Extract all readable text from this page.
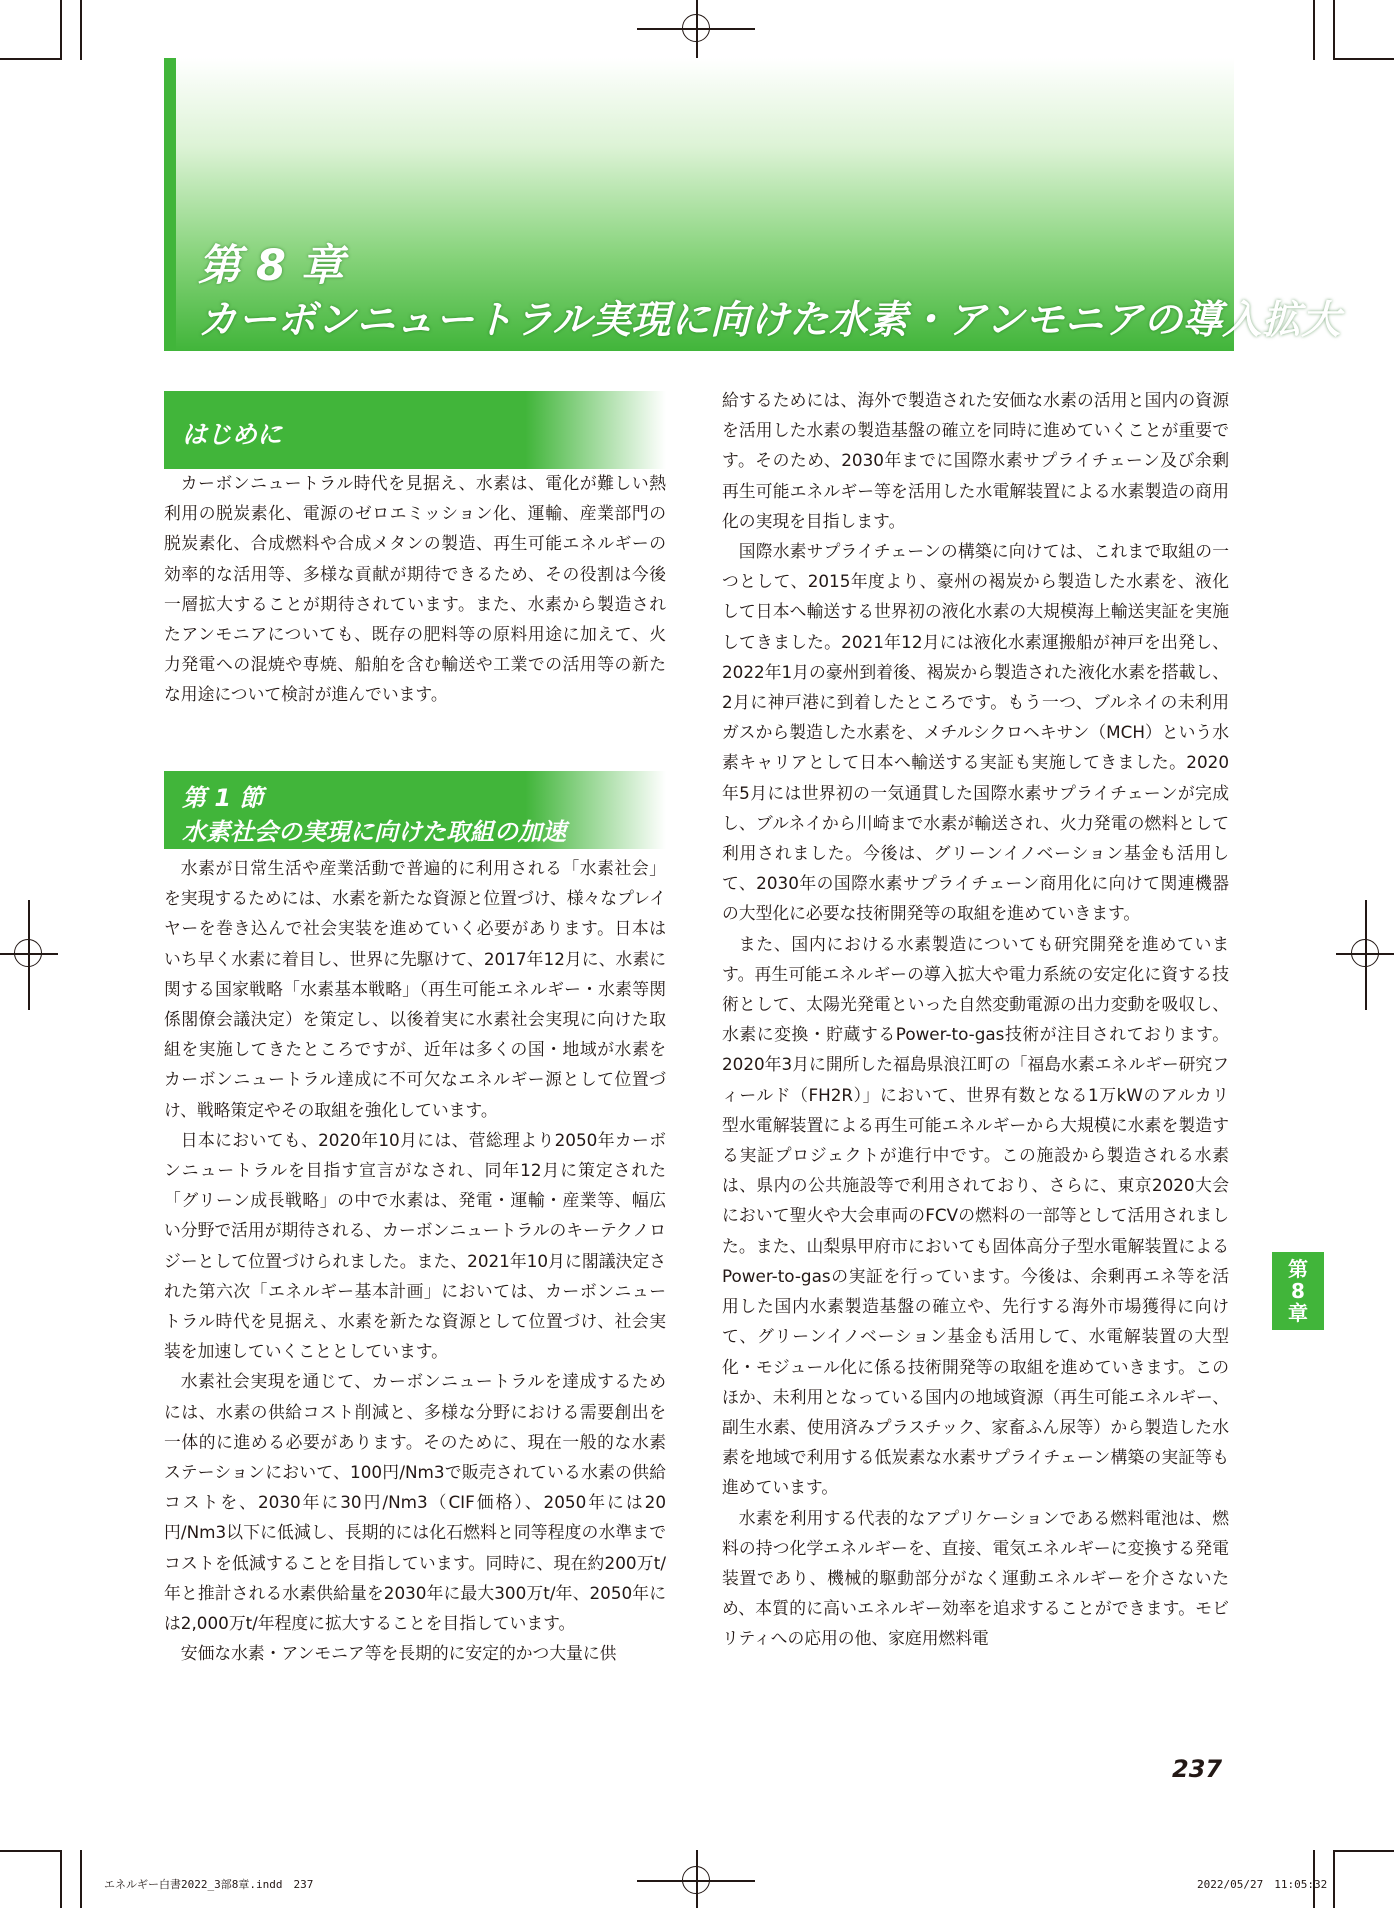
第 8 章
カーボンニュートラル実現に向けた水素・アンモニアの導入拡大
はじめに

カーボンニュートラル時代を見据え、水素は、電化が難しい熱利用の脱炭素化、電源のゼロエミッション化、運輸、産業部門の脱炭素化、合成燃料や合成メタンの製造、再生可能エネルギーの効率的な活用等、多様な貢献が期待できるため、その役割は今後一層拡大することが期待されています。また、水素から製造されたアンモニアについても、既存の肥料等の原料用途に加えて、火力発電への混焼や専焼、船舶を含む輸送や工業での活用等の新たな用途について検討が進んでいます。

第 1 節
水素社会の実現に向けた取組の加速

水素が日常生活や産業活動で普遍的に利用される「水素社会」を実現するためには、水素を新たな資源と位置づけ、様々なプレイヤーを巻き込んで社会実装を進めていく必要があります。日本はいち早く水素に着目し、世界に先駆けて、2017年12月に、水素に関する国家戦略「水素基本戦略」（再生可能エネルギー・水素等関係閣僚会議決定）を策定し、以後着実に水素社会実現に向けた取組を実施してきたところですが、近年は多くの国・地域が水素をカーボンニュートラル達成に不可欠なエネルギー源として位置づけ、戦略策定やその取組を強化しています。

日本においても、2020年10月には、菅総理より2050年カーボンニュートラルを目指す宣言がなされ、同年12月に策定された「グリーン成長戦略」の中で水素は、発電・運輸・産業等、幅広い分野で活用が期待される、カーボンニュートラルのキーテクノロジーとして位置づけられました。また、2021年10月に閣議決定された第六次「エネルギー基本計画」においては、カーボンニュートラル時代を見据え、水素を新たな資源として位置づけ、社会実装を加速していくこととしています。

水素社会実現を通じて、カーボンニュートラルを達成するためには、水素の供給コスト削減と、多様な分野における需要創出を一体的に進める必要があります。そのために、現在一般的な水素ステーションにおいて、100円/Nm3で販売されている水素の供給コストを、2030年に30円/Nm3（CIF価格）、2050年には20円/Nm3以下に低減し、長期的には化石燃料と同等程度の水準までコストを低減することを目指しています。同時に、現在約200万t/年と推計される水素供給量を2030年に最大300万t/年、2050年には2,000万t/年程度に拡大することを目指しています。

安価な水素・アンモニア等を長期的に安定的かつ大量に供

給するためには、海外で製造された安価な水素の活用と国内の資源を活用した水素の製造基盤の確立を同時に進めていくことが重要です。そのため、2030年までに国際水素サプライチェーン及び余剰再生可能エネルギー等を活用した水電解装置による水素製造の商用化の実現を目指します。

国際水素サプライチェーンの構築に向けては、これまで取組の一つとして、2015年度より、豪州の褐炭から製造した水素を、液化して日本へ輸送する世界初の液化水素の大規模海上輸送実証を実施してきました。2021年12月には液化水素運搬船が神戸を出発し、2022年1月の豪州到着後、褐炭から製造された液化水素を搭載し、2月に神戸港に到着したところです。もう一つ、ブルネイの未利用ガスから製造した水素を、メチルシクロヘキサン（MCH）という水素キャリアとして日本へ輸送する実証も実施してきました。2020年5月には世界初の一気通貫した国際水素サプライチェーンが完成し、ブルネイから川崎まで水素が輸送され、火力発電の燃料として利用されました。今後は、グリーンイノベーション基金も活用して、2030年の国際水素サプライチェーン商用化に向けて関連機器の大型化に必要な技術開発等の取組を進めていきます。

また、国内における水素製造についても研究開発を進めています。再生可能エネルギーの導入拡大や電力系統の安定化に資する技術として、太陽光発電といった自然変動電源の出力変動を吸収し、水素に変換・貯蔵するPower-to-gas技術が注目されております。2020年3月に開所した福島県浪江町の「福島水素エネルギー研究フィールド（FH2R）」において、世界有数となる1万kWのアルカリ型水電解装置による再生可能エネルギーから大規模に水素を製造する実証プロジェクトが進行中です。この施設から製造される水素は、県内の公共施設等で利用されており、さらに、東京2020大会において聖火や大会車両のFCVの燃料の一部等として活用されました。また、山梨県甲府市においても固体高分子型水電解装置によるPower-to-gasの実証を行っています。今後は、余剰再エネ等を活用した国内水素製造基盤の確立や、先行する海外市場獲得に向けて、グリーンイノベーション基金も活用して、水電解装置の大型化・モジュール化に係る技術開発等の取組を進めていきます。このほか、未利用となっている国内の地域資源（再生可能エネルギー、副生水素、使用済みプラスチック、家畜ふん尿等）から製造した水素を地域で利用する低炭素な水素サプライチェーン構築の実証等も進めています。

水素を利用する代表的なアプリケーションである燃料電池は、燃料の持つ化学エネルギーを、直接、電気エネルギーに変換する発電装置であり、機械的駆動部分がなく運動エネルギーを介さないため、本質的に高いエネルギー効率を追求することができます。モビリティへの応用の他、家庭用燃料電

第
8
章
237
エネルギー白書2022_3部8章.indd　237	2022/05/27　11:05:32
